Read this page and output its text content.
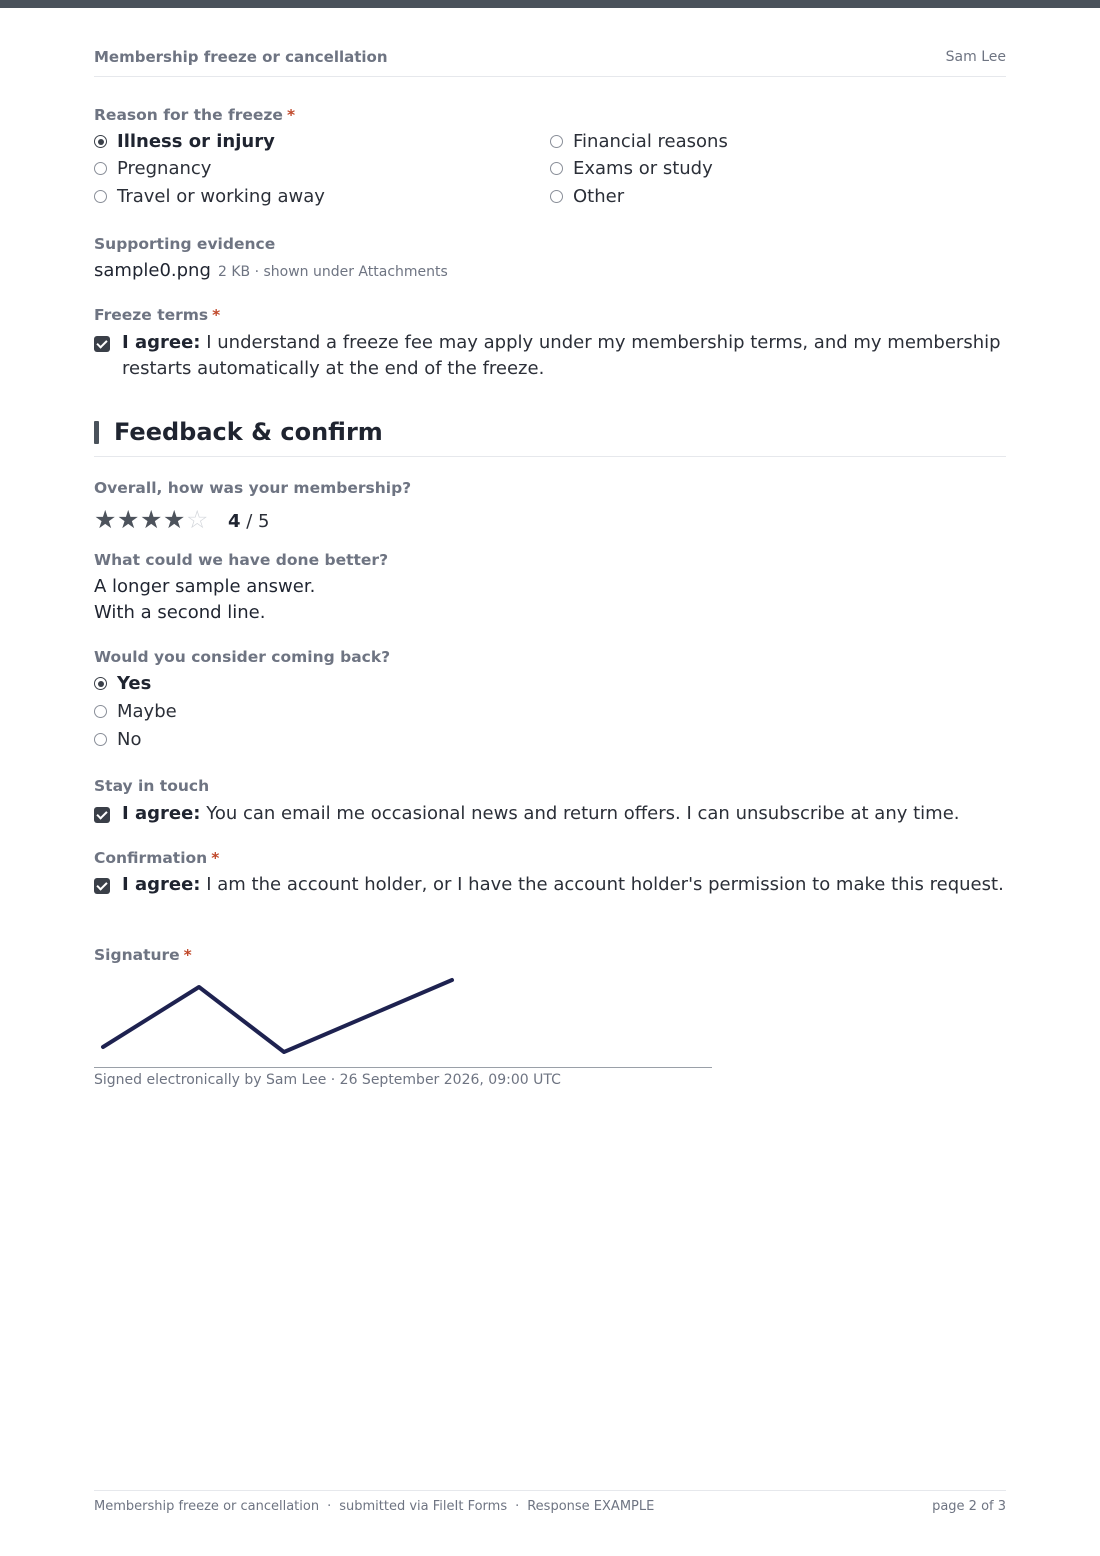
Membership freeze or cancellation	Sam Lee
Reason for the freeze *
Illness or injury
Pregnancy
Travel or working away
Financial reasons
Exams or study
Other
Supporting evidence
sample0.png 2 KB · shown under Attachments
Freeze terms *
I agree: I understand a freeze fee may apply under my membership terms, and my membership restarts automatically at the end of the freeze.
Feedback & confirm
Overall, how was your membership?
☆
★
★
★
★	4 / 5
What could we have done better?
A longer sample answer.
With a second line.
Would you consider coming back?
Yes
Maybe
No
Stay in touch
I agree: You can email me occasional news and return offers. I can unsubscribe at any time.
Confirmation *
I agree: I am the account holder, or I have the account holder's permission to make this request.
Signature *
Signed electronically by Sam Lee · 26 September 2026, 09:00 UTC
Membership freeze or cancellation · submitted via FileIt Forms · Response EXAMPLE	page 2 of 3
